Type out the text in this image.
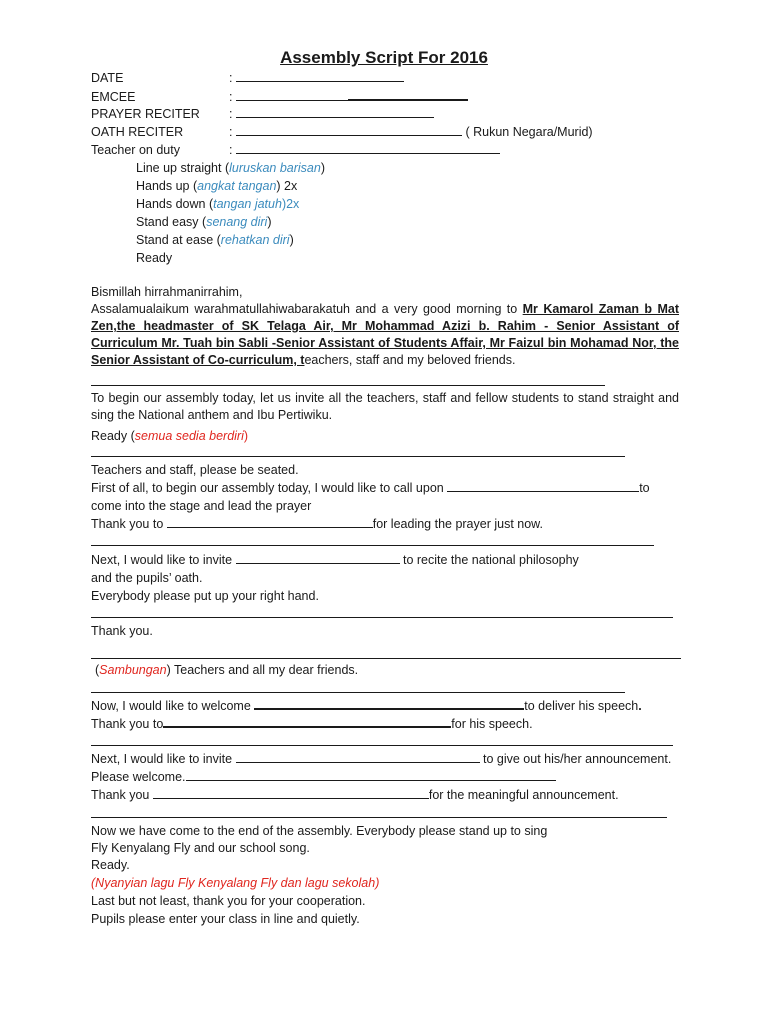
Assembly Script For 2016
DATE	:
EMCEE	:
PRAYER RECITER :
OATH RECITER	:	( Rukun Negara/Murid)
Teacher on duty	:
Line up straight (luruskan barisan)
Hands up (angkat tangan) 2x
Hands down (tangan jatuh)2x
Stand easy (senang diri)
Stand at ease (rehatkan diri)
Ready
Bismillah hirrahmanirrahim,
Assalamualaikum warahmatullahiwabarakatuh and a very good morning to Mr Kamarol Zaman b Mat Zen,the headmaster of SK Telaga Air, Mr Mohammad Azizi b. Rahim - Senior Assistant of Curriculum Mr. Tuah bin Sabli -Senior Assistant of Students Affair, Mr Faizul bin Mohamad Nor, the Senior Assistant of Co-curriculum, teachers, staff and my beloved friends.
To begin our assembly today, let us invite all the teachers, staff and fellow students to stand straight and sing the National anthem and Ibu Pertiwiku.
Ready (semua sedia berdiri)
Teachers and staff, please be seated.
First of all, to begin our assembly today, I would like to call upon	to
come into the stage and lead the prayer
Thank you to	for leading the prayer just now.
Next, I would like to invite	to recite the national philosophy
and the pupils’ oath.
Everybody please put up your right hand.
Thank you.
(Sambungan) Teachers and all my dear friends.
Now, I would like to welcome	to deliver his speech.
Thank you to	for his speech.
Next, I would like to invite	to give out his/her announcement.
Please welcome.
Thank you	for the meaningful announcement.
Now we have come to the end of the assembly. Everybody please stand up to sing
Fly Kenyalang Fly and our school song.
Ready.
(Nyanyian lagu Fly Kenyalang Fly dan lagu sekolah)
Last but not least, thank you for your cooperation.
Pupils please enter your class in line and quietly.
